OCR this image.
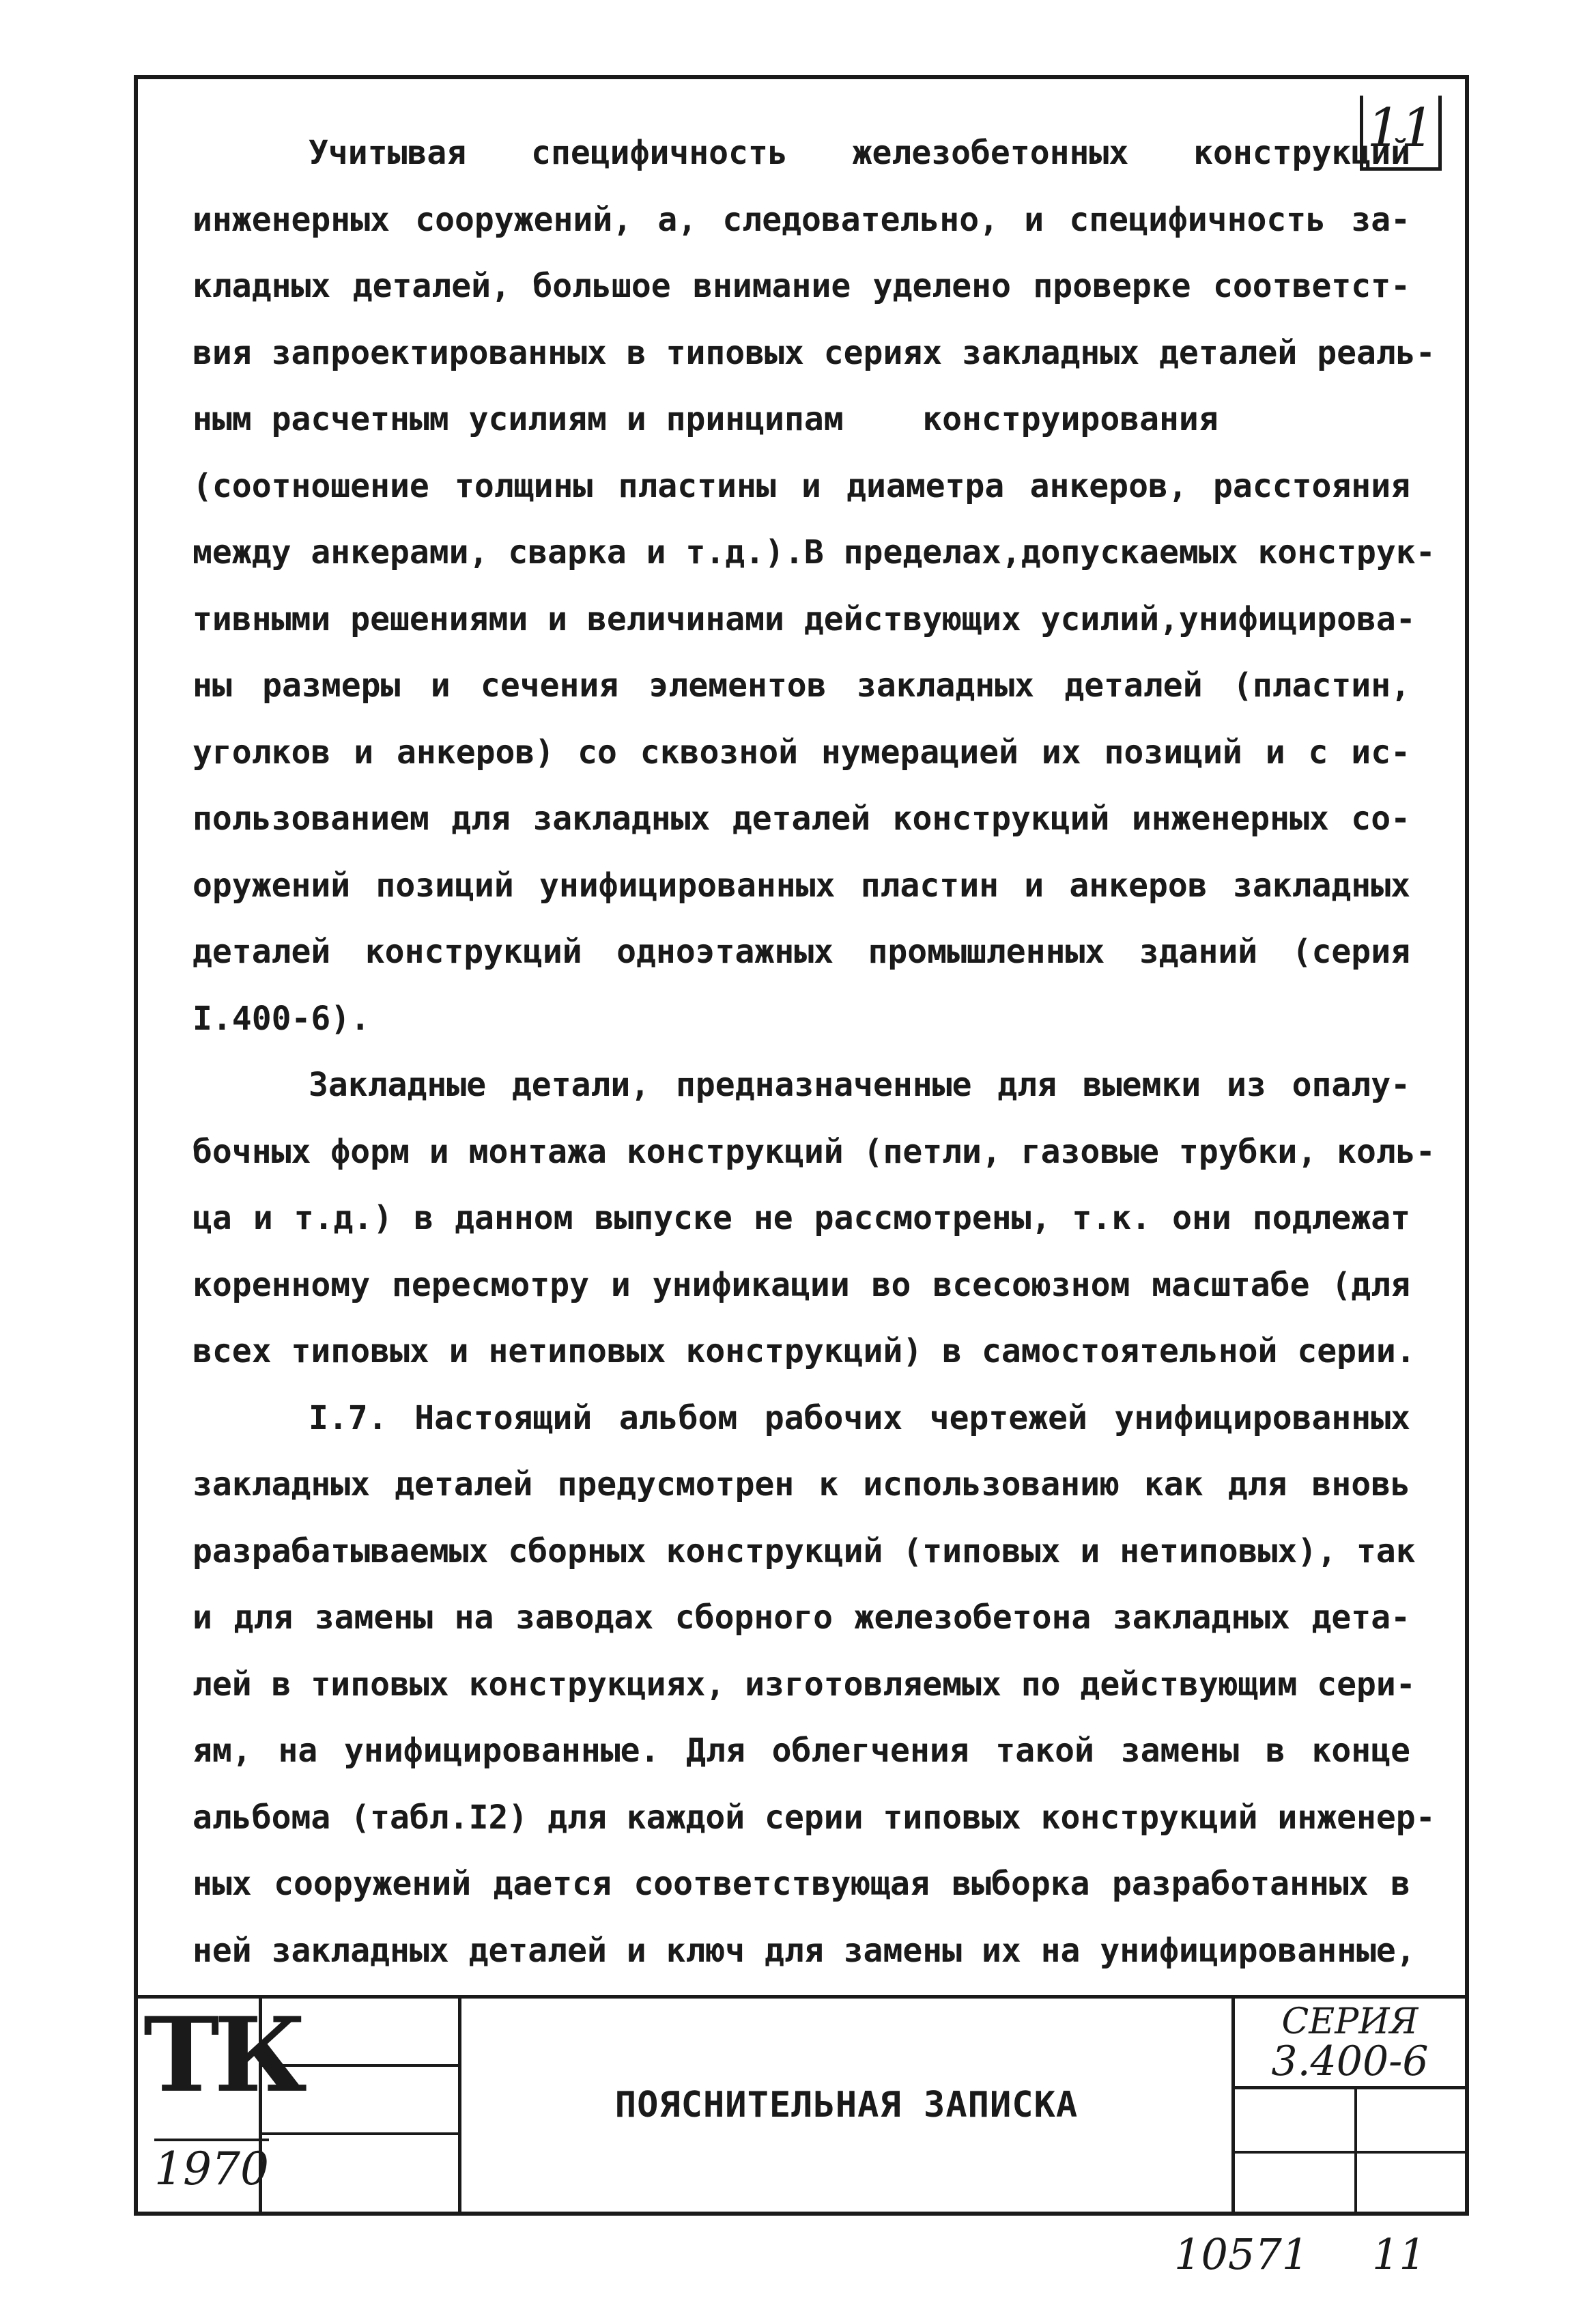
11

Учитывая специфичность железобетонных конструкций
инженерных сооружений, а, следовательно, и специфичность за-
кладных деталей, большое внимание уделено проверке соответст-
вия запроектированных в типовых сериях закладных деталей реаль-
ным расчетным усилиям и принципам    конструирования
(соотношение толщины пластины и диаметра анкеров, расстояния
между анкерами, сварка и т.д.).В пределах,допускаемых конструк-
тивными решениями и величинами действующих усилий,унифицирова-
ны размеры и сечения элементов закладных деталей (пластин,
уголков и анкеров) со сквозной нумерацией их позиций и с ис-
пользованием для закладных деталей конструкций инженерных со-
оружений позиций унифицированных пластин и анкеров закладных
деталей конструкций одноэтажных промышленных зданий (серия
I.400-6).

Закладные детали, предназначенные для выемки из опалу-
бочных форм и монтажа конструкций (петли, газовые трубки, коль-
ца и т.д.) в данном выпуске не рассмотрены, т.к. они подлежат
коренному пересмотру и унификации во всесоюзном масштабе (для
всех типовых и нетиповых конструкций) в самостоятельной серии.

I.7. Настоящий альбом рабочих чертежей унифицированных
закладных деталей предусмотрен к использованию как для вновь
разрабатываемых сборных конструкций (типовых и нетиповых), так
и для замены на заводах сборного железобетона закладных дета-
лей в типовых конструкциях, изготовляемых по действующим сери-
ям, на унифицированные. Для облегчения такой замены в конце
альбома (табл.I2) для каждой серии типовых конструкций инженер-
ных сооружений дается соответствующая выборка разработанных в
ней закладных деталей и ключ для замены их на унифицированные,

ТК
1970
ПОЯСНИТЕЛЬНАЯ ЗАПИСКА
СЕРИЯ
3.400-6
10571 11
